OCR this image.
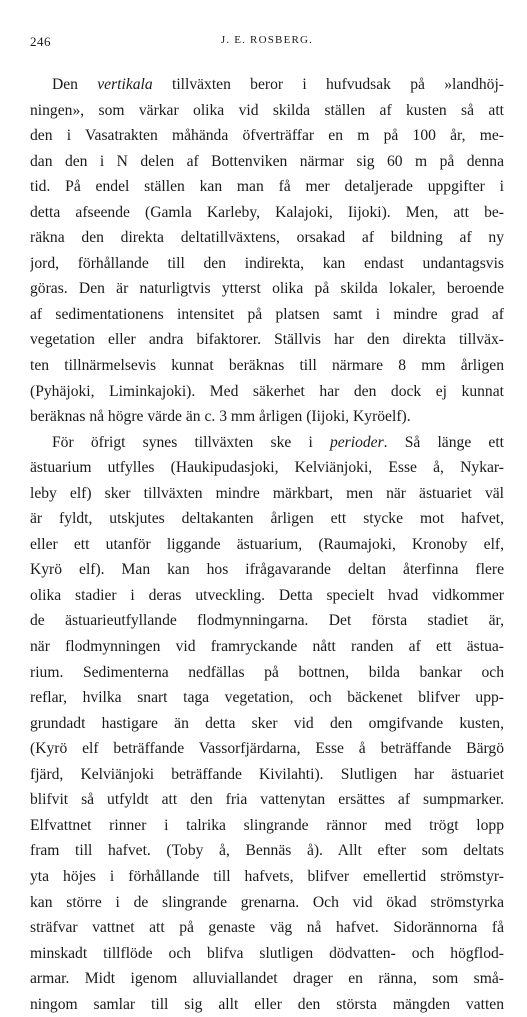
246	J. E. ROSBERG.
Den vertikala tillväxten beror i hufvudsak på »landhöj-
ningen», som värkar olika vid skilda ställen af kusten så att
den i Vasatrakten måhända öfverträffar en m på 100 år, me-
dan den i N delen af Bottenviken närmar sig 60 m på denna
tid. På endel ställen kan man få mer detaljerade uppgifter i
detta afseende (Gamla Karleby, Kalajoki, Iijoki). Men, att be-
räkna den direkta deltatillväxtens, orsakad af bildning af ny
jord, förhållande till den indirekta, kan endast undantagsvis
göras. Den är naturligtvis ytterst olika på skilda lokaler, beroende
af sedimentationens intensitet på platsen samt i mindre grad af
vegetation eller andra bifaktorer. Ställvis har den direkta tillväx-
ten tillnärmelsevis kunnat beräknas till närmare 8 mm årligen
(Pyhäjoki, Liminkajoki). Med säkerhet har den dock ej kunnat
beräknas nå högre värde än c. 3 mm årligen (Iijoki, Kyröelf).
För öfrigt synes tillväxten ske i perioder. Så länge ett
ästuarium utfylles (Haukipudasjoki, Kelviänjoki, Esse å, Nykar-
leby elf) sker tillväxten mindre märkbart, men när ästuariet väl
är fyldt, utskjutes deltakanten årligen ett stycke mot hafvet,
eller ett utanför liggande ästuarium, (Raumajoki, Kronoby elf,
Kyrö elf). Man kan hos ifrågavarande deltan återfinna flere
olika stadier i deras utveckling. Detta specielt hvad vidkommer
de ästuarieutfyllande flodmynningarna. Det första stadiet är,
när flodmynningen vid framryckande nått randen af ett ästua-
rium. Sedimenterna nedfällas på bottnen, bilda bankar och
reflar, hvilka snart taga vegetation, och bäckenet blifver upp-
grundadt hastigare än detta sker vid den omgifvande kusten,
(Kyrö elf beträffande Vassorfjärdarna, Esse å beträffande Bärgö
fjärd, Kelviänjoki beträffande Kivilahti). Slutligen har ästuariet
blifvit så utfyldt att den fria vattenytan ersättes af sumpmarker.
Elfvattnet rinner i talrika slingrande rännor med trögt lopp
fram till hafvet. (Toby å, Bennäs å). Allt efter som deltats
yta höjes i förhållande till hafvets, blifver emellertid strömstyr-
kan större i de slingrande grenarna. Och vid ökad strömstyrka
sträfvar vattnet att på genaste väg nå hafvet. Sidorännorna få
minskadt tillflöde och blifva slutligen dödvatten- och högflod-
armar. Midt igenom alluviallandet drager en ränna, som små-
ningom samlar till sig allt eller den största mängden vatten
